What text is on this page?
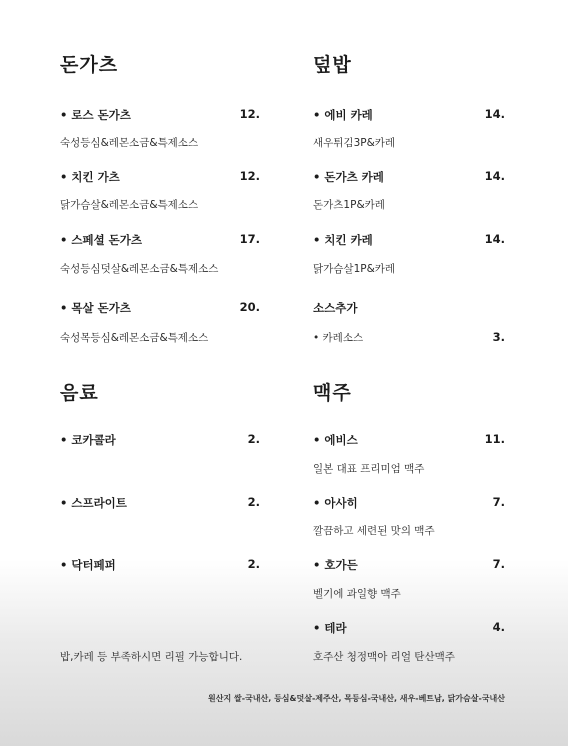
돈가츠
• 로스 돈가츠	12.
숙성등심&레몬소금&특제소스
• 치킨 가츠	12.
닭가슴살&레몬소금&특제소스
• 스페셜 돈가츠	17.
숙성등심덧살&레몬소금&특제소스
• 목살 돈가츠	20.
숙성목등심&레몬소금&특제소스
음료
• 코카콜라	2.
• 스프라이트	2.
• 닥터페퍼	2.
밥,카레 등 부족하시면 리필 가능합니다.
덮밥
• 에비 카레	14.
새우튀김3P&카레
• 돈가츠 카레	14.
돈가츠1P&카레
• 치킨 카레	14.
닭가슴살1P&카레
소스추가
• 카레소스	3.
맥주
• 에비스	11.
일본 대표 프리미엄 맥주
• 아사히	7.
깔끔하고 세련된 맛의 맥주
• 호가든	7.
벨기에 과일향 맥주
• 테라	4.
호주산 청정맥아 리얼 탄산맥주
원산지 쌀-국내산, 등심&덧살-제주산, 목등심-국내산, 새우-베트남, 닭가슴살-국내산
